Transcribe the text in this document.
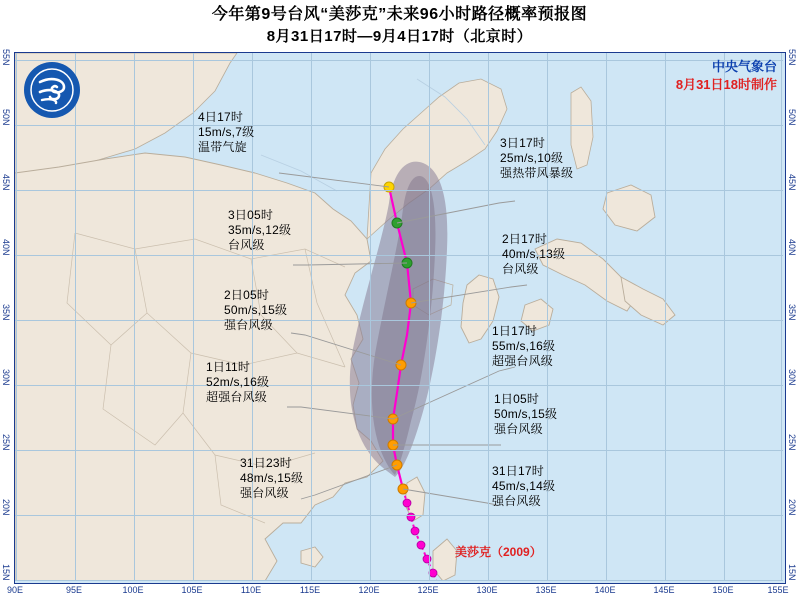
今年第9号台风“美莎克”未来96小时路径概率预报图
8月31日17时—9月4日17时（北京时）
中央气象台
8月31日18时制作
4日17时
15m/s,7级
温带气旋	3日17时
25m/s,10级
强热带风暴级
3日05时
35m/s,12级
台风级	2日17时
40m/s,13级
台风级
2日05时
50m/s,15级
强台风级	1日17时
55m/s,16级
超强台风级
1日11时
52m/s,16级
超强台风级	1日05时
50m/s,15级
强台风级
31日23时
48m/s,15级
强台风级
31日17时
45m/s,14级
强台风级
美莎克（2009）
90E	95E	100E	105E	110E	115E	120E	125E	130E	135E	140E	145E	150E	155E
15N
20N
25N
30N
35N
40N
45N
50N
55N
15N
20N
25N
30N
35N
40N
45N
50N
55N
